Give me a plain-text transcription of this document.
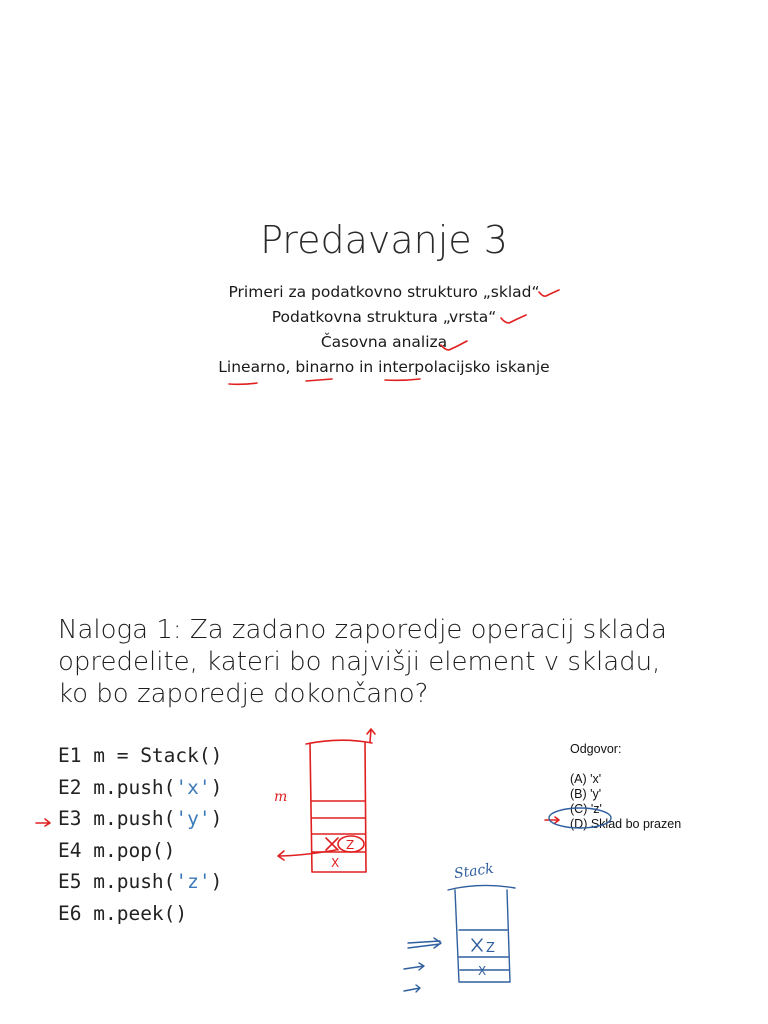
Predavanje 3
Primeri za podatkovno strukturo „sklad“
Podatkovna struktura „vrsta“
Časovna analiza
Linearno, binarno in interpolacijsko iskanje
Naloga 1: Za zadano zaporedje operacij sklada opredelite, kateri bo najvišji element v skladu, ko bo zaporedje dokončano?
E1 m = Stack()
E2 m.push('x')
E3 m.push('y')
E4 m.pop()
E5 m.push('z')
E6 m.peek()
Odgovor:
(A) 'x'
(B) 'y'
(C) 'z'
(D) Sklad bo prazen
m
Z
X	Stack
Z
X
